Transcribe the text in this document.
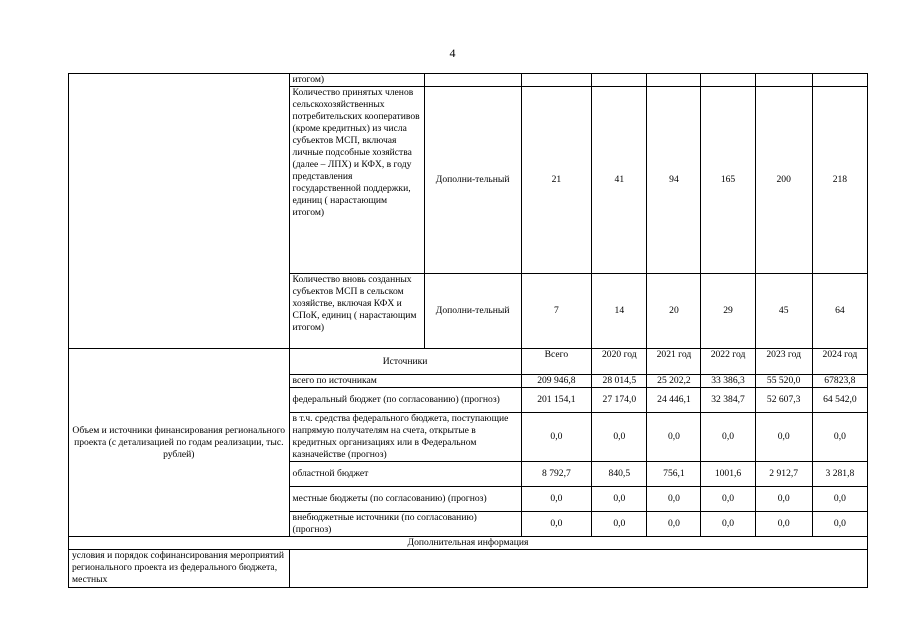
4
	итогом)							
	Количество принятых членов сельскохозяйственных потребительских кооперативов (кроме кредитных) из числа субъектов МСП, включая личные подсобные хозяйства (далее – ЛПХ) и КФХ, в году представления государственной поддержки, единиц ( нарастающим итогом)	Дополни-тельный	21	41	94	165	200	218
	Количество вновь созданных субъектов МСП в сельском хозяйстве, включая КФХ и СПоК, единиц ( нарастающим итогом)	Дополни-тельный	7	14	20	29	45	64
Объем и источники финансирования регионального проекта (с детализацией по годам реализации, тыс. рублей)	Источники		Всего	2020 год	2021 год	2022 год	2023 год	2024 год
	всего по источникам		209 946,8	28 014,5	25 202,2	33 386,3	55 520,0	67823,8
	федеральный бюджет (по согласованию) (прогноз)		201 154,1	27 174,0	24 446,1	32 384,7	52 607,3	64 542,0
	в т.ч. средства федерального бюджета, поступающие напрямую получателям на счета, открытые в кредитных организациях или в Федеральном казначействе (прогноз)		0,0	0,0	0,0	0,0	0,0	0,0
	областной бюджет		8 792,7	840,5	756,1	1001,6	2 912,7	3 281,8
	местные бюджеты (по согласованию) (прогноз)		0,0	0,0	0,0	0,0	0,0	0,0
	внебюджетные источники (по согласованию) (прогноз)		0,0	0,0	0,0	0,0	0,0	0,0
Дополнительная информация								
условия и порядок софинансирования мероприятий регионального проекта из федерального бюджета, местных								
